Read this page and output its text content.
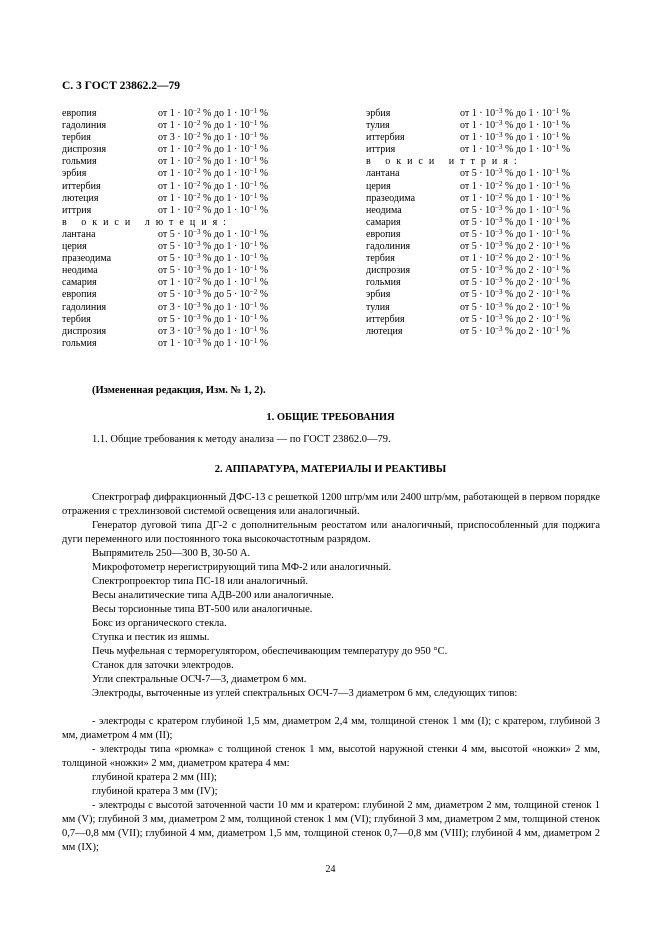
С. 3 ГОСТ 23862.2—79
европия	от $1 \cdot 10^{-2}$ % до $1 \cdot 10^{-1}$ %
гадолиния	от $1 \cdot 10^{-2}$ % до $1 \cdot 10^{-1}$ %
тербия	от $3 \cdot 10^{-2}$ % до $1 \cdot 10^{-1}$ %
диспрозия	от $1 \cdot 10^{-2}$ % до $1 \cdot 10^{-1}$ %
гольмия	от $1 \cdot 10^{-2}$ % до $1 \cdot 10^{-1}$ %
эрбия	от $1 \cdot 10^{-2}$ % до $1 \cdot 10^{-1}$ %
иттербия	от $1 \cdot 10^{-2}$ % до $1 \cdot 10^{-1}$ %
лютеция	от $1 \cdot 10^{-2}$ % до $1 \cdot 10^{-1}$ %
иттрия	от $1 \cdot 10^{-2}$ % до $1 \cdot 10^{-1}$ %
в окиси лютеция:
лантана	от $5 \cdot 10^{-3}$ % до $1 \cdot 10^{-1}$ %
церия	от $5 \cdot 10^{-3}$ % до $1 \cdot 10^{-1}$ %
празеодима	от $5 \cdot 10^{-3}$ % до $1 \cdot 10^{-1}$ %
неодима	от $5 \cdot 10^{-3}$ % до $1 \cdot 10^{-1}$ %
самария	от $1 \cdot 10^{-2}$ % до $1 \cdot 10^{-1}$ %
европия	от $5 \cdot 10^{-3}$ % до $5 \cdot 10^{-2}$ %
гадолиния	от $3 \cdot 10^{-3}$ % до $1 \cdot 10^{-1}$ %
тербия	от $5 \cdot 10^{-3}$ % до $1 \cdot 10^{-1}$ %
диспрозия	от $3 \cdot 10^{-3}$ % до $1 \cdot 10^{-1}$ %
гольмия	от $1 \cdot 10^{-3}$ % до $1 \cdot 10^{-1}$ %
эрбия	от $1 \cdot 10^{-3}$ % до $1 \cdot 10^{-1}$ %
тулия	от $1 \cdot 10^{-3}$ % до $1 \cdot 10^{-1}$ %
иттербия	от $1 \cdot 10^{-3}$ % до $1 \cdot 10^{-1}$ %
иттрия	от $1 \cdot 10^{-3}$ % до $1 \cdot 10^{-1}$ %
в окиси иттрия:
лантана	от $5 \cdot 10^{-3}$ % до $1 \cdot 10^{-1}$ %
церия	от $1 \cdot 10^{-2}$ % до $1 \cdot 10^{-1}$ %
празеодима	от $1 \cdot 10^{-2}$ % до $1 \cdot 10^{-1}$ %
неодима	от $5 \cdot 10^{-3}$ % до $1 \cdot 10^{-1}$ %
самария	от $5 \cdot 10^{-3}$ % до $1 \cdot 10^{-1}$ %
европия	от $5 \cdot 10^{-3}$ % до $1 \cdot 10^{-1}$ %
гадолиния	от $5 \cdot 10^{-3}$ % до $2 \cdot 10^{-1}$ %
тербия	от $1 \cdot 10^{-2}$ % до $2 \cdot 10^{-1}$ %
диспрозия	от $5 \cdot 10^{-3}$ % до $2 \cdot 10^{-1}$ %
гольмия	от $5 \cdot 10^{-3}$ % до $2 \cdot 10^{-1}$ %
эрбия	от $5 \cdot 10^{-3}$ % до $2 \cdot 10^{-1}$ %
тулия	от $5 \cdot 10^{-3}$ % до $2 \cdot 10^{-1}$ %
иттербия	от $5 \cdot 10^{-3}$ % до $2 \cdot 10^{-1}$ %
лютеция	от $5 \cdot 10^{-3}$ % до $2 \cdot 10^{-1}$ %
(Измененная редакция, Изм. № 1, 2).
1. ОБЩИЕ ТРЕБОВАНИЯ
1.1. Общие требования к методу анализа — по ГОСТ 23862.0—79.
2. АППАРАТУРА, МАТЕРИАЛЫ И РЕАКТИВЫ
Спектрограф дифракционный ДФС-13 с решеткой 1200 штр/мм или 2400 штр/мм, работающей в первом порядке отражения с трехлинзовой системой освещения или аналогичный.
Генератор дуговой типа ДГ-2 с дополнительным реостатом или аналогичный, приспособленный для поджига дуги переменного или постоянного тока высокочастотным разрядом.
Выпрямитель 250—300 В, 30-50 А.
Микрофотометр нерегистрирующий типа МФ-2 или аналогичный.
Спектропроектор типа ПС-18 или аналогичный.
Весы аналитические типа АДВ-200 или аналогичные.
Весы торсионные типа ВТ-500 или аналогичные.
Бокс из органического стекла.
Ступка и пестик из яшмы.
Печь муфельная с терморегулятором, обеспечивающим температуру до 950 °С.
Станок для заточки электродов.
Угли спектральные ОСЧ-7—3, диаметром 6 мм.
Электроды, выточенные из углей спектральных ОСЧ-7—3 диаметром 6 мм, следующих типов:
- электроды с кратером глубиной 1,5 мм, диаметром 2,4 мм, толщиной стенок 1 мм (I); с кратером, глубиной 3 мм, диаметром 4 мм (II);
- электроды типа «рюмка» с толщиной стенок 1 мм, высотой наружной стенки 4 мм, высотой «ножки» 2 мм, толщиной «ножки» 2 мм, диаметром кратера 4 мм:
глубиной кратера 2 мм (III);
глубиной кратера 3 мм (IV);
- электроды с высотой заточенной части 10 мм и кратером: глубиной 2 мм, диаметром 2 мм, толщиной стенок 1 мм (V); глубиной 3 мм, диаметром 2 мм, толщиной стенок 1 мм (VI); глубиной 3 мм, диаметром 2 мм, толщиной стенок 0,7—0,8 мм (VII); глубиной 4 мм, диаметром 1,5 мм, толщиной стенок 0,7—0,8 мм (VIII); глубиной 4 мм, диаметром 2 мм (IX);
24
